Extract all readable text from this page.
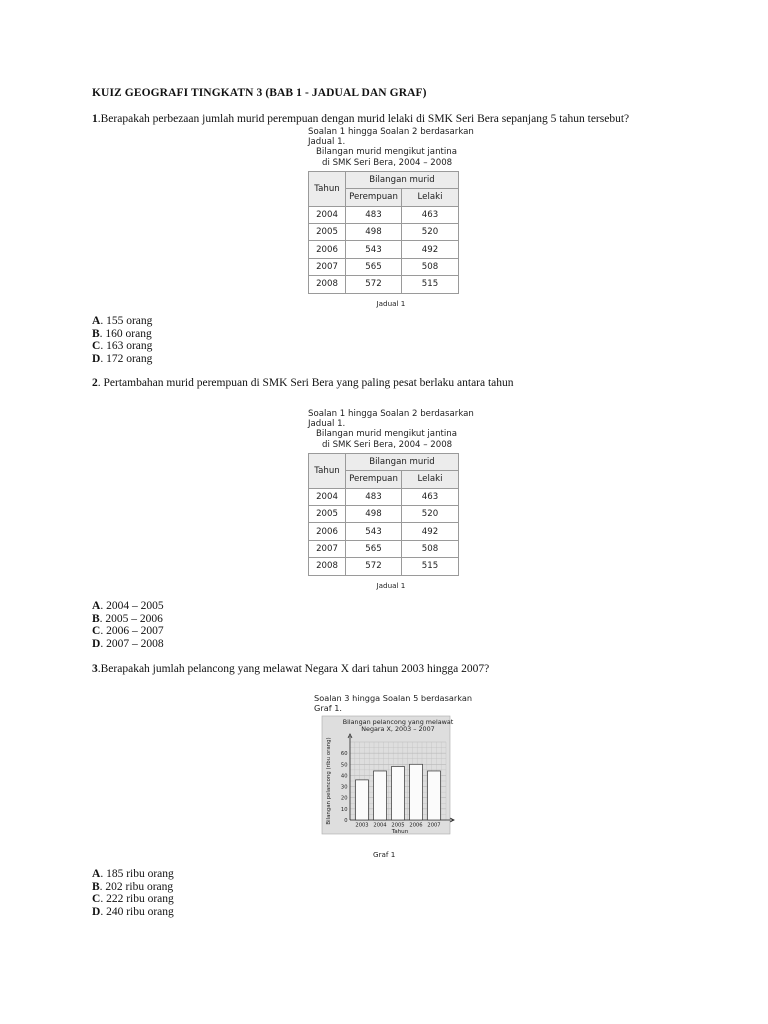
KUIZ GEOGRAFI TINGKATN 3 (BAB 1 - JADUAL DAN GRAF)
1.Berapakah perbezaan jumlah murid perempuan dengan murid lelaki di SMK Seri Bera sepanjang 5 tahun tersebut?
Soalan 1 hingga Soalan 2 berdasarkan
Jadual 1.
Bilangan murid mengikut jantina
di SMK Seri Bera, 2004 – 2008
Tahun	Bilangan murid	
	Perempuan	Lelaki
2004	483	463
2005	498	520
2006	543	492
2007	565	508
2008	572	515
Jadual 1
A. 155 orang
B. 160 orang
C. 163 orang
D. 172 orang
2. Pertambahan murid perempuan di SMK Seri Bera yang paling pesat berlaku antara tahun
Soalan 1 hingga Soalan 2 berdasarkan
Jadual 1.
Bilangan murid mengikut jantina
di SMK Seri Bera, 2004 – 2008
Tahun	Bilangan murid	
	Perempuan	Lelaki
2004	483	463
2005	498	520
2006	543	492
2007	565	508
2008	572	515
Jadual 1
A. 2004 – 2005
B. 2005 – 2006
C. 2006 – 2007
D. 2007 – 2008
3.Berapakah jumlah pelancong yang melawat Negara X dari tahun 2003 hingga 2007?
Soalan 3 hingga Soalan 5 berdasarkan
Graf 1.
Bilangan pelancong yang melawat
Negara X, 2003 – 2007
0
10
20
30
40
50
60
2003 2004 2005 2006 2007
Tahun
Bilangan pelancong (ribu orang)
Graf 1
A. 185 ribu orang
B. 202 ribu orang
C. 222 ribu orang
D. 240 ribu orang
